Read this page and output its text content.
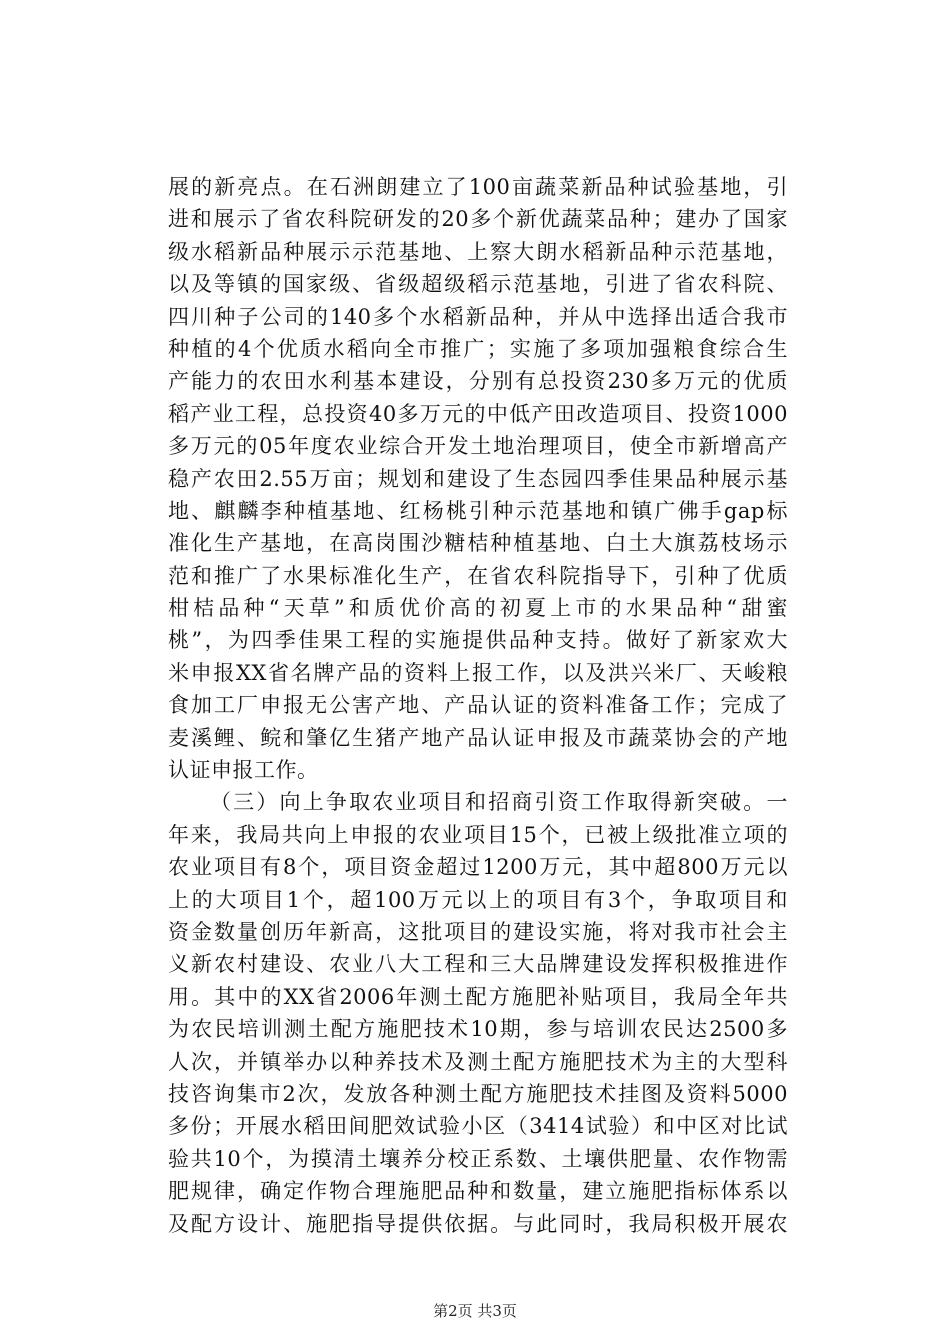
展的新亮点。在石洲朗建立了100亩蔬菜新品种试验基地，引
进和展示了省农科院研发的20多个新优蔬菜品种；建办了国家
级水稻新品种展示示范基地、上察大朗水稻新品种示范基地，
以及等镇的国家级、省级超级稻示范基地，引进了省农科院、
四川种子公司的140多个水稻新品种，并从中选择出适合我市
种植的4个优质水稻向全市推广；实施了多项加强粮食综合生
产能力的农田水利基本建设，分别有总投资230多万元的优质
稻产业工程，总投资40多万元的中低产田改造项目、投资1000
多万元的05年度农业综合开发土地治理项目，使全市新增高产
稳产农田2.55万亩；规划和建设了生态园四季佳果品种展示基
地、麒麟李种植基地、红杨桃引种示范基地和镇广佛手gap标
准化生产基地，在高岗围沙糖桔种植基地、白土大旗荔枝场示
范和推广了水果标准化生产，在省农科院指导下，引种了优质
柑桔品种“天草”和质优价高的初夏上市的水果品种“甜蜜
桃”，为四季佳果工程的实施提供品种支持。做好了新家欢大
米申报XX省名牌产品的资料上报工作，以及洪兴米厂、天峻粮
食加工厂申报无公害产地、产品认证的资料准备工作；完成了
麦溪鲤、鲩和肇亿生猪产地产品认证申报及市蔬菜协会的产地
认证申报工作。
（三）向上争取农业项目和招商引资工作取得新突破。一
年来，我局共向上申报的农业项目15个，已被上级批准立项的
农业项目有8个，项目资金超过1200万元，其中超800万元以
上的大项目1个，超100万元以上的项目有3个，争取项目和
资金数量创历年新高，这批项目的建设实施，将对我市社会主
义新农村建设、农业八大工程和三大品牌建设发挥积极推进作
用。其中的XX省2006年测土配方施肥补贴项目，我局全年共
为农民培训测土配方施肥技术10期，参与培训农民达2500多
人次，并镇举办以种养技术及测土配方施肥技术为主的大型科
技咨询集市2次，发放各种测土配方施肥技术挂图及资料5000
多份；开展水稻田间肥效试验小区（3414试验）和中区对比试
验共10个，为摸清土壤养分校正系数、土壤供肥量、农作物需
肥规律，确定作物合理施肥品种和数量，建立施肥指标体系以
及配方设计、施肥指导提供依据。与此同时，我局积极开展农
第2页 共3页
